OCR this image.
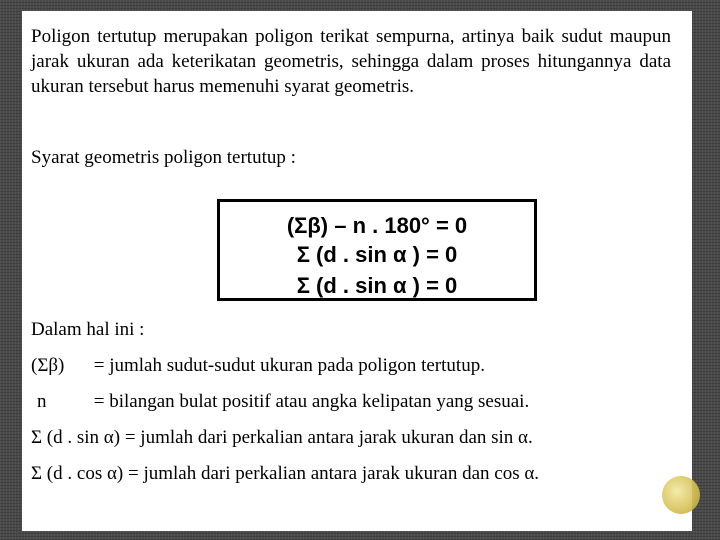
Poligon tertutup merupakan poligon terikat sempurna, artinya baik sudut maupun jarak ukuran ada keterikatan geometris, sehingga dalam proses hitungannya data ukuran tersebut harus memenuhi syarat geometris.

Syarat geometris poligon tertutup :

(Σβ) – n . 180° = 0
Σ (d . sin α ) = 0
Σ (d . sin α ) = 0

Dalam hal ini :

(Σβ) = jumlah sudut-sudut ukuran pada poligon tertutup.
n = bilangan bulat positif atau angka kelipatan yang sesuai.
Σ (d . sin α) = jumlah dari perkalian antara jarak ukuran dan sin α.
Σ (d . cos α) = jumlah dari perkalian antara jarak ukuran dan cos α.
